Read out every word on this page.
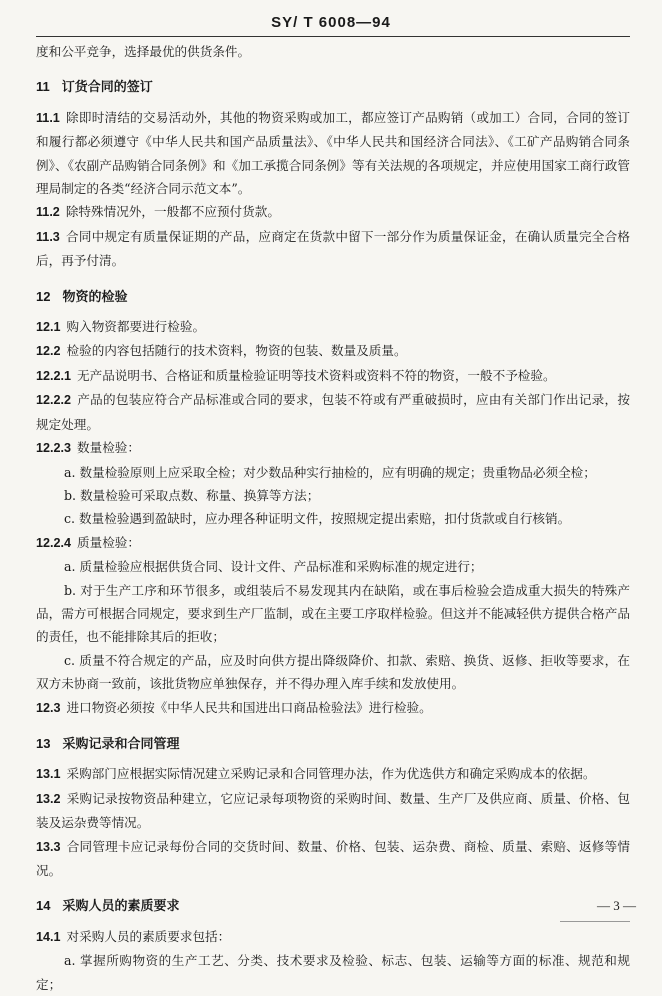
SY/ T 6008—94

度和公平竞争，选择最优的供货条件。

11 订货合同的签订

11.1 除即时清结的交易活动外，其他的物资采购或加工，都应签订产品购销（或加工）合同，合同的签订和履行都必须遵守《中华人民共和国产品质量法》、《中华人民共和国经济合同法》、《工矿产品购销合同条例》、《农副产品购销合同条例》和《加工承揽合同条例》等有关法规的各项规定，并应使用国家工商行政管理局制定的各类“经济合同示范文本”。

11.2 除特殊情况外，一般都不应预付货款。

11.3 合同中规定有质量保证期的产品，应商定在货款中留下一部分作为质量保证金，在确认质量完全合格后，再予付清。

12 物资的检验

12.1 购入物资都要进行检验。

12.2 检验的内容包括随行的技术资料，物资的包装、数量及质量。

12.2.1 无产品说明书、合格证和质量检验证明等技术资料或资料不符的物资，一般不予检验。

12.2.2 产品的包装应符合产品标准或合同的要求，包装不符或有严重破损时，应由有关部门作出记录，按规定处理。

12.2.3 数量检验：

a. 数量检验原则上应采取全检；对少数品种实行抽检的，应有明确的规定；贵重物品必须全检；

b. 数量检验可采取点数、称量、换算等方法；

c. 数量检验遇到盈缺时，应办理各种证明文件，按照规定提出索赔，扣付货款或自行核销。

12.2.4 质量检验：

a. 质量检验应根据供货合同、设计文件、产品标准和采购标准的规定进行；

b. 对于生产工序和环节很多，或组装后不易发现其内在缺陷，或在事后检验会造成重大损失的特殊产品，需方可根据合同规定，要求到生产厂监制，或在主要工序取样检验。但这并不能减轻供方提供合格产品的责任，也不能排除其后的拒收；

c. 质量不符合规定的产品，应及时向供方提出降级降价、扣款、索赔、换货、返修、拒收等要求，在双方未协商一致前，该批货物应单独保存，并不得办理入库手续和发放使用。

12.3 进口物资必须按《中华人民共和国进出口商品检验法》进行检验。

13 采购记录和合同管理

13.1 采购部门应根据实际情况建立采购记录和合同管理办法，作为优选供方和确定采购成本的依据。

13.2 采购记录按物资品种建立，它应记录每项物资的采购时间、数量、生产厂及供应商、质量、价格、包装及运杂费等情况。

13.3 合同管理卡应记录每份合同的交货时间、数量、价格、包装、运杂费、商检、质量、索赔、返修等情况。

14 采购人员的素质要求

14.1 对采购人员的素质要求包括：

a. 掌握所购物资的生产工艺、分类、技术要求及检验、标志、包装、运输等方面的标准、规范和规定；

— 3 —
